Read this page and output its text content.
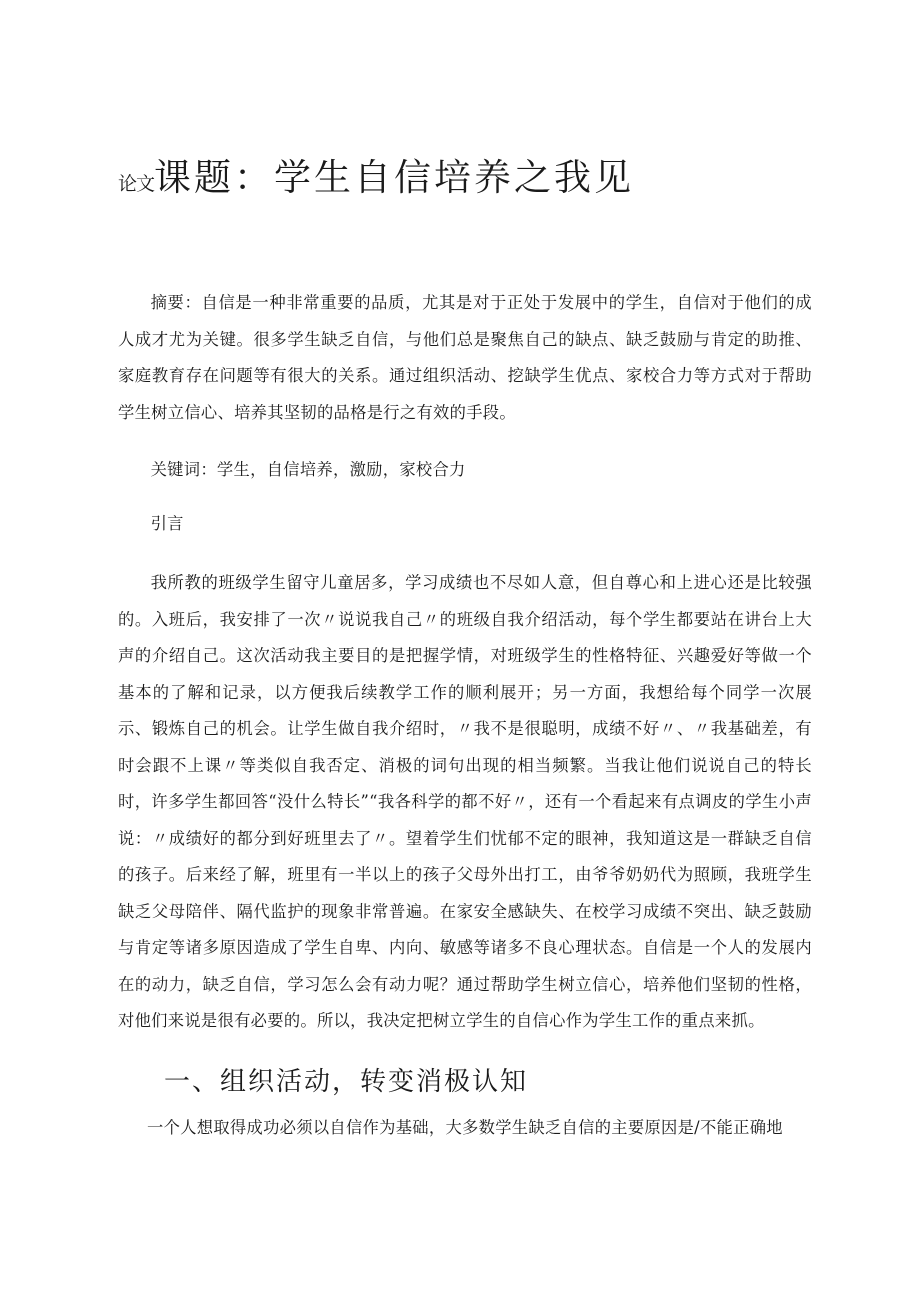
论文课题：学生自信培养之我见

摘要：自信是一种非常重要的品质，尤其是对于正处于发展中的学生，自信对于他们的成人成才尤为关键。很多学生缺乏自信，与他们总是聚焦自己的缺点、缺乏鼓励与肯定的助推、家庭教育存在问题等有很大的关系。通过组织活动、挖缺学生优点、家校合力等方式对于帮助学生树立信心、培养其坚韧的品格是行之有效的手段。

关键词：学生，自信培养，激励，家校合力

引言

我所教的班级学生留守儿童居多，学习成绩也不尽如人意，但自尊心和上进心还是比较强的。入班后，我安排了一次〃说说我自己〃的班级自我介绍活动，每个学生都要站在讲台上大声的介绍自己。这次活动我主要目的是把握学情，对班级学生的性格特征、兴趣爱好等做一个基本的了解和记录，以方便我后续教学工作的顺利展开；另一方面，我想给每个同学一次展示、锻炼自己的机会。让学生做自我介绍时，〃我不是很聪明，成绩不好〃、〃我基础差，有时会跟不上课〃等类似自我否定、消极的词句出现的相当频繁。当我让他们说说自己的特长时，许多学生都回答“没什么特长”“我各科学的都不好〃，还有一个看起来有点调皮的学生小声说：〃成绩好的都分到好班里去了〃。望着学生们忧郁不定的眼神，我知道这是一群缺乏自信的孩子。后来经了解，班里有一半以上的孩子父母外出打工，由爷爷奶奶代为照顾，我班学生缺乏父母陪伴、隔代监护的现象非常普遍。在家安全感缺失、在校学习成绩不突出、缺乏鼓励与肯定等诸多原因造成了学生自卑、内向、敏感等诸多不良心理状态。自信是一个人的发展内在的动力，缺乏自信，学习怎么会有动力呢？通过帮助学生树立信心，培养他们坚韧的性格，对他们来说是很有必要的。所以，我决定把树立学生的自信心作为学生工作的重点来抓。

一、组织活动，转变消极认知

一个人想取得成功必须以自信作为基础，大多数学生缺乏自信的主要原因是/不能正确地
